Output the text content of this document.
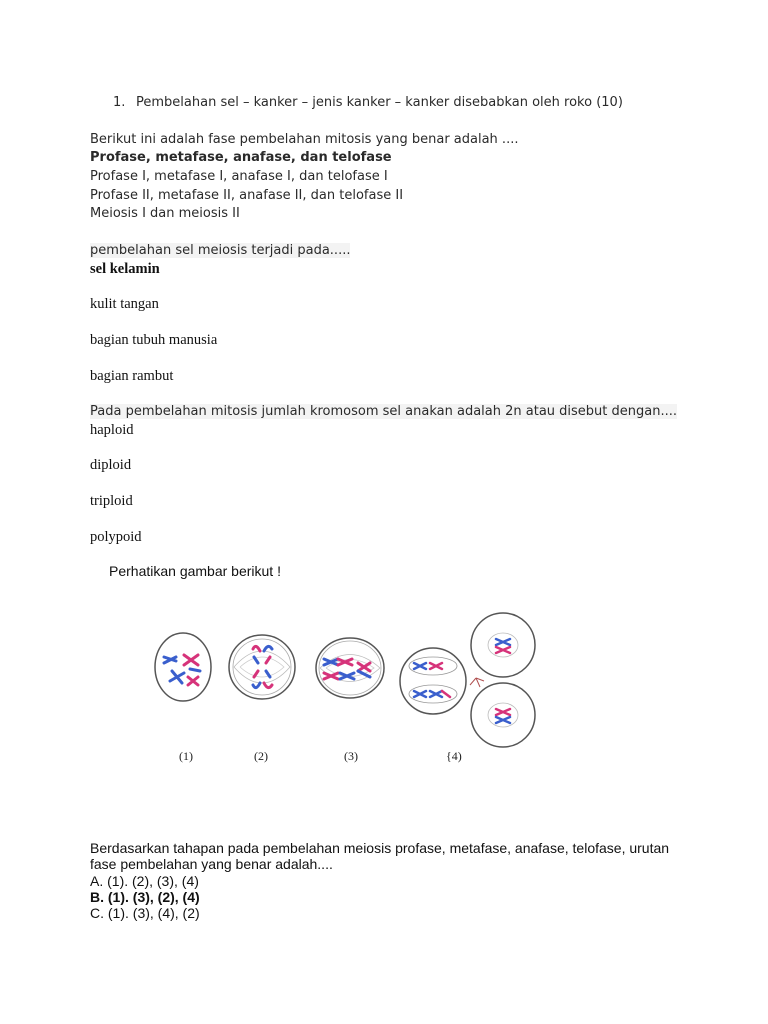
1. Pembelahan sel – kanker – jenis kanker – kanker disebabkan oleh roko (10)
Berikut ini adalah fase pembelahan mitosis yang benar adalah ....
Profase, metafase, anafase, dan telofase
Profase I, metafase I, anafase I, dan telofase I
Profase II, metafase II, anafase II, dan telofase II
Meiosis I dan meiosis II
pembelahan sel meiosis terjadi pada.....
sel kelamin
kulit tangan
bagian tubuh manusia
bagian rambut
Pada pembelahan mitosis jumlah kromosom sel anakan adalah 2n atau disebut dengan....
haploid
diploid
triploid
polypoid
Perhatikan gambar berikut !
(1)	(2)	(3)	{4)
Berdasarkan tahapan pada pembelahan meiosis profase, metafase, anafase, telofase, urutan
fase pembelahan yang benar adalah....
A. (1). (2), (3), (4)
B. (1). (3), (2), (4)
C. (1). (3), (4), (2)
